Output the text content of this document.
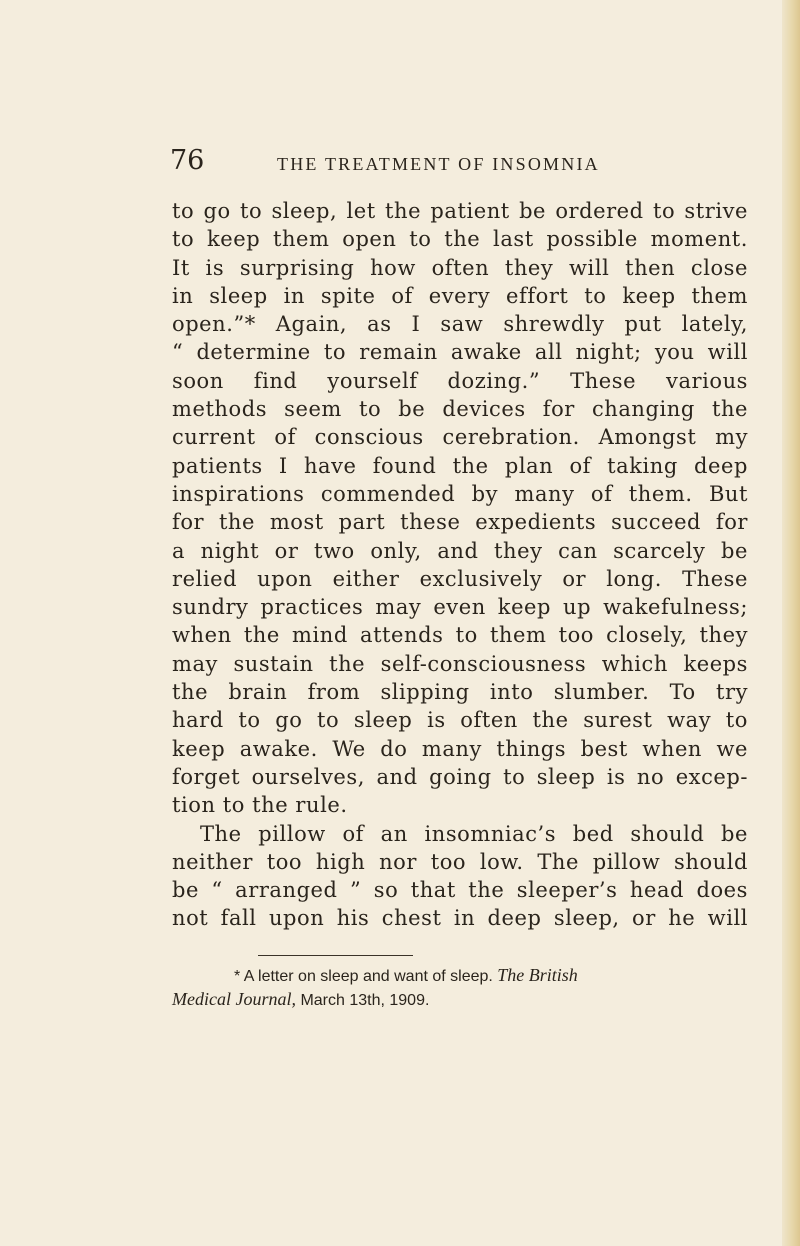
76	THE TREATMENT OF INSOMNIA
to go to sleep, let the patient be ordered to strive
to keep them open to the last possible moment.
It is surprising how often they will then close
in sleep in spite of every effort to keep them
open.”* Again, as I saw shrewdly put lately,
“ determine to remain awake all night; you will
soon find yourself dozing.” These various
methods seem to be devices for changing the
current of conscious cerebration. Amongst my
patients I have found the plan of taking deep
inspirations commended by many of them. But
for the most part these expedients succeed for
a night or two only, and they can scarcely be
relied upon either exclusively or long. These
sundry practices may even keep up wakefulness;
when the mind attends to them too closely, they
may sustain the self-consciousness which keeps
the brain from slipping into slumber. To try
hard to go to sleep is often the surest way to
keep awake. We do many things best when we
forget ourselves, and going to sleep is no excep-
tion to the rule.
The pillow of an insomniac’s bed should be
neither too high nor too low. The pillow should
be “ arranged ” so that the sleeper’s head does
not fall upon his chest in deep sleep, or he will
* A letter on sleep and want of sleep. The British
Medical Journal, March 13th, 1909.
